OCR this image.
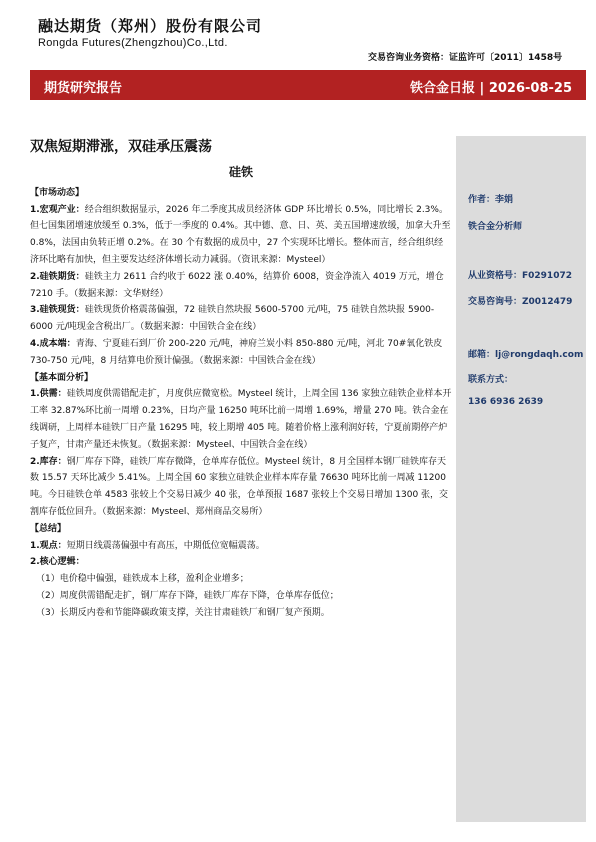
融达期货（郑州）股份有限公司
Rongda Futures(Zhengzhou)Co.,Ltd.
交易咨询业务资格：证监许可〔2011〕1458号
期货研究报告	铁合金日报 | 2026-08-25
双焦短期滞涨，双硅承压震荡

硅铁

【市场动态】

1.宏观产业：经合组织数据显示，2026 年二季度其成员经济体 GDP 环比增长 0.5%，同比增长 2.3%。但七国集团增速放缓至 0.3%，低于一季度的 0.4%。其中德、意、日、英、美五国增速放缓，加拿大升至 0.8%，法国由负转正增 0.2%。在 30 个有数据的成员中，27 个实现环比增长。整体而言，经合组织经济环比略有加快，但主要发达经济体增长动力减弱。（资讯来源：Mysteel）

2.硅铁期货：硅铁主力 2611 合约收于 6022 涨 0.40%，结算价 6008，资金净流入 4019 万元，增仓 7210 手。（数据来源：文华财经）

3.硅铁现货：硅铁现货价格震荡偏强，72 硅铁自然块报 5600-5700 元/吨，75 硅铁自然块报 5900-6000 元/吨现金含税出厂。（数据来源：中国铁合金在线）

4.成本端：青海、宁夏硅石到厂价 200-220 元/吨，神府兰炭小料 850-880 元/吨，河北 70#氧化铁皮 730-750 元/吨，8 月结算电价预计偏强。（数据来源：中国铁合金在线）

【基本面分析】

1.供需：硅铁周度供需错配走扩，月度供应微宽松。Mysteel 统计，上周全国 136 家独立硅铁企业样本开工率 32.87%环比前一周增 0.23%，日均产量 16250 吨环比前一周增 1.69%，增量 270 吨。铁合金在线调研，上周样本硅铁厂日产量 16295 吨，较上期增 405 吨。随着价格上涨利润好转，宁夏前期停产炉子复产，甘肃产量还未恢复。（数据来源：Mysteel、中国铁合金在线）

2.库存：钢厂库存下降，硅铁厂库存微降，仓单库存低位。Mysteel 统计，8 月全国样本钢厂硅铁库存天数 15.57 天环比减少 5.41%。上周全国 60 家独立硅铁企业样本库存量 76630 吨环比前一周减 11200 吨。今日硅铁仓单 4583 张较上个交易日减少 40 张，仓单预报 1687 张较上个交易日增加 1300 张，交割库存低位回升。（数据来源：Mysteel、郑州商品交易所）

【总结】

1.观点：短期日线震荡偏强中有高压，中期低位宽幅震荡。

2.核心逻辑：

（1）电价稳中偏强，硅铁成本上移，盈利企业增多；

（2）周度供需错配走扩，钢厂库存下降，硅铁厂库存下降，仓单库存低位；

（3）长期反内卷和节能降碳政策支撑，关注甘肃硅铁厂和钢厂复产预期。

作者：李娟
铁合金分析师
从业资格号：F0291072
交易咨询号：Z0012479
邮箱：lj@rongdaqh.com
联系方式：
136 6936 2639
